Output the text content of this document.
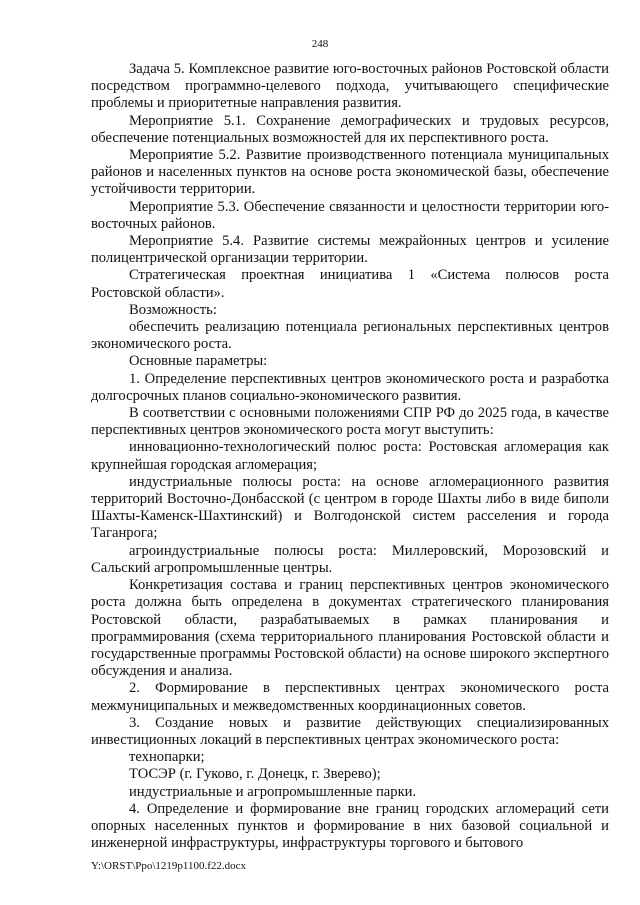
248

Задача 5. Комплексное развитие юго-восточных районов Ростовской области посредством программно-целевого подхода, учитывающего специфические проблемы и приоритетные направления развития.

Мероприятие 5.1. Сохранение демографических и трудовых ресурсов, обеспечение потенциальных возможностей для их перспективного роста.

Мероприятие 5.2. Развитие производственного потенциала муниципальных районов и населенных пунктов на основе роста экономической базы, обеспечение устойчивости территории.

Мероприятие 5.3. Обеспечение связанности и целостности территории юго-восточных районов.

Мероприятие 5.4. Развитие системы межрайонных центров и усиление полицентрической организации территории.

Стратегическая проектная инициатива 1 «Система полюсов роста Ростовской области».

Возможность:

обеспечить реализацию потенциала региональных перспективных центров экономического роста.

Основные параметры:

1. Определение перспективных центров экономического роста и разработка долгосрочных планов социально-экономического развития.

В соответствии с основными положениями СПР РФ до 2025 года, в качестве перспективных центров экономического роста могут выступить:

инновационно-технологический полюс роста: Ростовская агломерация как крупнейшая городская агломерация;

индустриальные полюсы роста: на основе агломерационного развития территорий Восточно-Донбасской (с центром в городе Шахты либо в виде биполи Шахты-Каменск-Шахтинский) и Волгодонской систем расселения и города Таганрога;

агроиндустриальные полюсы роста: Миллеровский, Морозовский и Сальский агропромышленные центры.

Конкретизация состава и границ перспективных центров экономического роста должна быть определена в документах стратегического планирования Ростовской области, разрабатываемых в рамках планирования и программирования (схема территориального планирования Ростовской области и государственные программы Ростовской области) на основе широкого экспертного обсуждения и анализа.

2. Формирование в перспективных центрах экономического роста межмуниципальных и межведомственных координационных советов.

3. Создание новых и развитие действующих специализированных инвестиционных локаций в перспективных центрах экономического роста:

технопарки;

ТОСЭР (г. Гуково, г. Донецк, г. Зверево);

индустриальные и агропромышленные парки.

4. Определение и формирование вне границ городских агломераций сети опорных населенных пунктов и формирование в них базовой социальной и инженерной инфраструктуры, инфраструктуры торгового и бытового

Y:\ORST\Ppo\1219p1100.f22.docx
